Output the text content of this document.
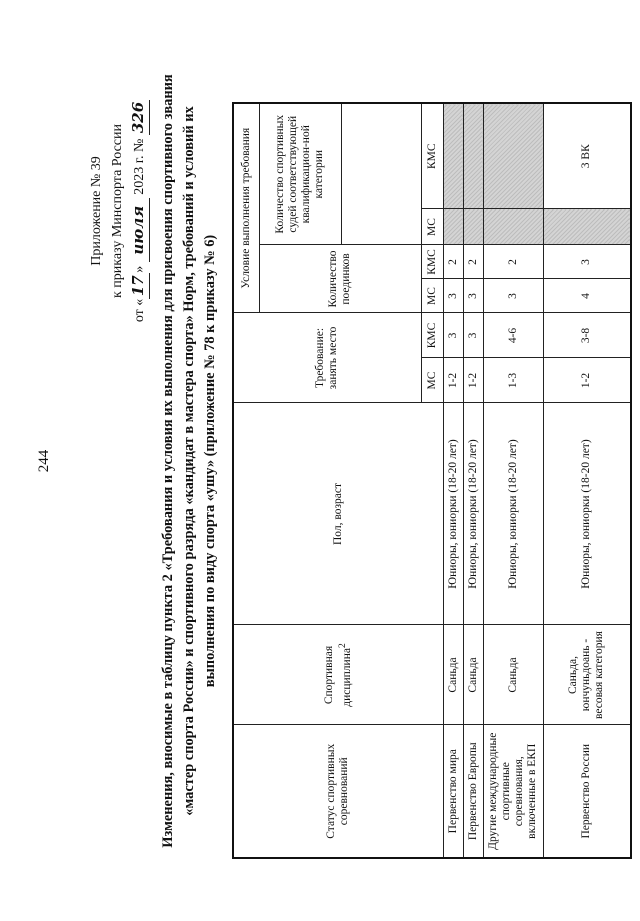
244
Приложение № 39 к приказу Минспорта России
от «17» июля 2023 г. № 326 Изменения, вносимые в таблицу пункта 2 «Требования и условия их выполнения для присвоения спортивного звания «мастер спорта России» и спортивного разряда «кандидат в мастера спорта» Норм, требований и условий их выполнения по виду спорта «ушу» (приложение № 78 к приказу № 6)
Статус спортивных соревнований	Спортивная дисциплина$^2$	Пол, возраст	Требование: занять место		Условие выполнения требования			
					Количество поединков		Количество спортивных судей соответствующей квалификацион-ной категории	

			МС	КМС	МС	КМС	МС	КМС
Первенство мира	Саньда	Юниоры, юниорки (18-20 лет)	1-2	3	3	2		
Первенство Европы	Саньда	Юниоры, юниорки (18-20 лет)	1-2	3	3	2		
Другие международные спортивные соревнования, включенные в ЕКП	Саньда	Юниоры, юниорки (18-20 лет)	1-3	4-6	3	2		
Первенство России	Саньда, юнчуньдоань - весовая категория	Юниоры, юниорки (18-20 лет)	1-2	3-8	4	3		3 ВК
